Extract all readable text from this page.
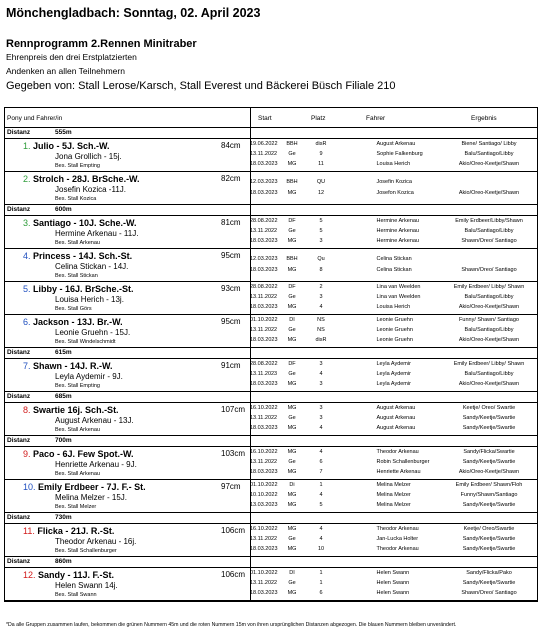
Mönchengladbach: Sonntag, 02. April 2023
Rennprogramm 2.Rennen Minitraber
Ehrenpreis den drei Erstplatzierten
Andenken an allen Teilnehmern
Gegeben von: Stall Lerose/Karsch, Stall Everest und Bäckerei Büsch Filiale 210
Pony und Fahrer/in	Start	Platz	Fahrer	Ergebnis
Distanz	555m
1. Julio - 5J. Sch.-W.	84cm
Jona Grollich - 15j.
Bes. Stall Empting
19.06.2022 BBH	disR	August Arkenau	Biene/ Santiago/ Libby
13.11.2022 Ge	9	Sophie Falkenburg	Balu/Santiago/Libby
18.03.2023 MG	11	Louisa Herich	Akio/Oreo-Keetje/Shawn
2. Strolch - 28J. BrSche.-W.	82cm
Josefin Kozica -11J.
Bes. Stall Kozica
12.03.2023 BBH	QU	Josefin Kozica
18.03.2023 MG	12	Josefon Kozica	Akio/Oreo-Keetje/Shawn
Distanz	600m
3. Santiago - 10J. Sche.-W.	81cm
Hermine Arkenau - 11J.
Bes. Stall Arkenau
28.08.2022 DF	5	Hermine Arkenau	Emily Erdbeer/Libby/Shawn
13.11.2022 Ge	5	Hermine Arkenau	Balu/Santiago/Libby
18.03.2023 MG	3	Hermine Arkenau	Shawn/Oreo/ Santiago
4. Princess - 14J. Sch.-St.	95cm
Celina Stickan - 14J.
Bes. Stall Stickan
12.03.2023 BBH	Qu	Celina Stickan
18.03.2023 MG	8	Celina Stickan	Shawn/Oreo/ Santiago
5. Libby - 16J. BrSche.-St.	93cm
Louisa Herich - 13j.
Bes. Stall Görs
28.08.2022 DF	2	Lina van Weelden	Emily Erdbeer/ Libby/ Shawn
13.11.2022 Ge	3	Lina van Weelden	Balu/Santiago/Libby
18.03.2023 MG	4	Louisa Herich	Akio/Oreo-Keetje/Shawn
6. Jackson - 13J. Br.-W.	95cm
Leonie Gruehn - 15J.
Bes. Stall Windelschmidt
01.10.2022 DI	NS	Leonie Gruehn	Funny/ Shawn/ Santiago
13.11.2022 Ge	NS	Leonie Gruehn	Balu/Santiago/Libby
18.03.2023 MG	disR	Leonie Gruehn	Akio/Oreo-Keetje/Shawn
Distanz	615m
7. Shawn - 14J. R.-W.	91cm
Leyla Aydemir - 9J.
Bes. Stall Empting
28.08.2022 DF	3	Leyla Aydemir	Emily Erdbeer/ Libby/ Shawn
13.11.2023 Ge	4	Leyla Aydemir	Balu/Santiago/Libby
18.03.2023 MG	3	Leyla Aydemir	Akio/Oreo-Keetje/Shawn
Distanz	685m
8. Swartie 16j. Sch.-St.	107cm
August Arkenau - 13J.
Bes. Stall Arkenau
16.10.2022 MG	3	August Arkenau	Keetje/ Oreo/ Swartie
13.11.2022 Ge	3	August Arkenau	Sandy/Keetje/Swartie
18.03.2023 MG	4	August Arkenau	Sandy/Keetje/Swartie
Distanz	700m
9. Paco - 6J. Few Spot.-W.	103cm
Henriette Arkenau - 9J.
Bes. Stall Arkenau
16.10.2022 MG	4	Theodor Arkenau	Sandy/Flicka/Swartie
13.11.2022 Ge	6	Robin Schallenburger	Sandy/Keetje/Swartie
18.03.2023 MG	7	Henriette Arkenau	Akio/Oreo-Keetje/Shawn
10. Emily Erdbeer - 7J. F.- St.	97cm
Melina Melzer - 15J.
Bes. Stall Melzer
01.10.2022 Di	1	Melina Melzer	Emily Erdbeer/ Shawn/Floh
10.10.2022 MG	4	Melina Melzer	Funny/Shawn/Santiago
13.03.2023 MG	5	Melina Melzer	Sandy/Keetje/Swartie
Distanz	730m
11. Flicka - 21J. R.-St.	106cm
Theodor Arkenau - 16j.
Bes. Stall Schallenburger
16.10.2022 MG	4	Theodor Arkenau	Keetje/ Oreo/Swartie
13.11.2022 Ge	4	Jan-Lucka Holter	Sandy/Keetje/Swartie
18.03.2023 MG	10	Theodor Arkenau	Sandy/Keetje/Swartie
Distanz	860m
12. Sandy - 11J. F.-St.	106cm
Helen Swann 14j.
Bes. Stall Swann
01.10.2022 DI	1	Helen Swann	Sandy/Flicka/Pako
13.11.2022 Ge	1	Helen Swann	Sandy/Keetje/Swartie
18.03.2023 MG	6	Helen Swann	Shawn/Oreo/ Santiago
*Da alle Gruppen zusammen laufen, bekommen die grünen Nummern 45m und die roten Nummern 15m von ihren ursprünglichen Distanzen abgezogen. Die blauen Nummern bleiben unverändert.
